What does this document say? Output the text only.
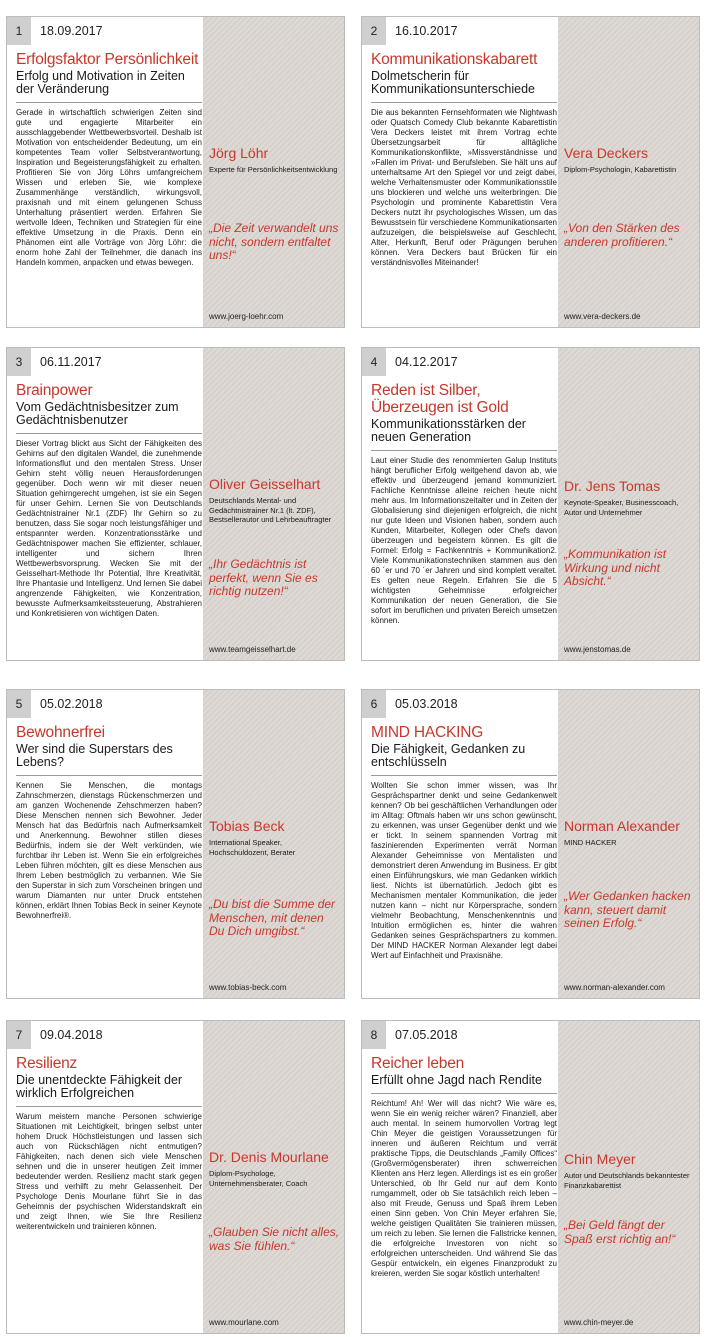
1	18.09.2017
Erfolgsfaktor Persönlichkeit
Erfolg und Motivation in Zeiten der Veränderung

Gerade in wirtschaftlich schwierigen Zeiten sind gute und engagierte Mitarbeiter ein ausschlaggebender Wettbewerbsvorteil. Deshalb ist Motivation von entscheidender Bedeutung, um ein kompetentes Team voller Selbstverantwortung, Inspiration und Begeisterungsfähigkeit zu erhalten. Profitieren Sie von Jörg Löhrs umfangreichem Wissen und erleben Sie, wie komplexe Zusammenhänge verständlich, wirkungsvoll, praxisnah und mit einem gelungenen Schuss Unterhaltung präsentiert werden. Erfahren Sie wertvolle Ideen, Techniken und Strategien für eine effektive Umsetzung in die Praxis. Denn ein Phänomen eint alle Vorträge von Jörg Löhr: die enorm hohe Zahl der Teilnehmer, die danach ins Handeln kommen, anpacken und etwas bewegen.

Jörg Löhr
Experte für Persönlichkeitsentwicklung
„Die Zeit verwandelt uns nicht, sondern entfaltet uns!“
www.joerg-loehr.com
2	16.10.2017
Kommunikationskabarett
Dolmetscherin für Kommunikationsunterschiede

Die aus bekannten Fernsehformaten wie Nightwash oder Quatsch Comedy Club bekannte Kabarettistin Vera Deckers leistet mit ihrem Vortrag echte Übersetzungsarbeit für alltägliche Kommunikationskonflikte, »Missverständnisse und »Fallen im Privat- und Berufsleben. Sie hält uns auf unterhaltsame Art den Spiegel vor und zeigt dabei, welche Verhaltensmuster oder Kommunikationsstile uns blockieren und welche uns weiterbringen. Die Psychologin und prominente Kabarettistin Vera Deckers nutzt ihr psychologisches Wissen, um das Bewusstsein für verschiedene Kommunikationsarten aufzuzeigen, die beispielsweise auf Geschlecht, Alter, Herkunft, Beruf oder Prägungen beruhen können. Vera Deckers baut Brücken für ein verständnisvolles Miteinander!

Vera Deckers
Diplom-Psychologin, Kabarettistin
„Von den Stärken des anderen profitieren.“
www.vera-deckers.de
3	06.11.2017
Brainpower
Vom Gedächtnisbesitzer zum Gedächtnisbenutzer

Dieser Vortrag blickt aus Sicht der Fähigkeiten des Gehirns auf den digitalen Wandel, die zunehmende Informationsflut und den mentalen Stress. Unser Gehirn steht völlig neuen Herausforderungen gegenüber. Doch wenn wir mit dieser neuen Situation gehirngerecht umgehen, ist sie ein Segen für unser Gehirn. Lernen Sie von Deutschlands Gedächtnistrainer Nr.1 (ZDF) Ihr Gehirn so zu benutzen, dass Sie sogar noch leistungsfähiger und entspannter werden. Konzentrationsstärke und Gedächtnispower machen Sie effizienter, schlauer, intelligenter und sichern Ihren Wettbewerbsvorsprung. Wecken Sie mit der Geisselhart-Methode Ihr Potential, Ihre Kreativität, Ihre Phantasie und Intelligenz. Und lernen Sie dabei angrenzende Fähigkeiten, wie Konzentration, bewusste Aufmerksamkeitssteuerung, Abstrahieren und Konkretisieren von wichtigen Daten.

Oliver Geisselhart
Deutschlands Mental- und Gedächtnistrainer Nr.1 (lt. ZDF), Bestsellerautor und Lehrbeauftragter
„Ihr Gedächtnis ist perfekt, wenn Sie es richtig nutzen!“
www.teamgeisselhart.de
4	04.12.2017
Reden ist Silber, Überzeugen ist Gold
Kommunikationsstärken der neuen Generation

Laut einer Studie des renommierten Galup Instituts hängt beruflicher Erfolg weitgehend davon ab, wie effektiv und überzeugend jemand kommuniziert. Fachliche Kenntnisse alleine reichen heute nicht mehr aus. Im Informationszeitalter und in Zeiten der Globalisierung sind diejenigen erfolgreich, die nicht nur gute Ideen und Visionen haben, sondern auch Kunden, Mitarbeiter, Kollegen oder Chefs davon überzeugen und begeistern können. Es gilt die Formel: Erfolg = Fachkenntnis + Kommunikation2. Viele Kommunikationstechniken stammen aus den 60 ´er und 70 ´er Jahren und sind komplett veraltet. Es gelten neue Regeln. Erfahren Sie die 5 wichtigsten Geheimnisse erfolgreicher Kommunikation der neuen Generation, die Sie sofort im beruflichen und privaten Bereich umsetzen können.

Dr. Jens Tomas
Keynote-Speaker, Businesscoach, Autor und Unternehmer
„Kommunikation ist Wirkung und nicht Absicht.“
www.jenstomas.de
5	05.02.2018
Bewohnerfrei
Wer sind die Superstars des Lebens?

Kennen Sie Menschen, die montags Zahnschmerzen, dienstags Rückenschmerzen und am ganzen Wochenende Zehschmerzen haben? Diese Menschen nennen sich Bewohner. Jeder Mensch hat das Bedürfnis nach Aufmerksamkeit und Anerkennung. Bewohner stillen dieses Bedürfnis, indem sie der Welt verkünden, wie furchtbar ihr Leben ist. Wenn Sie ein erfolgreiches Leben führen möchten, gilt es diese Menschen aus Ihrem Leben bestmöglich zu verbannen. Wie Sie den Superstar in sich zum Vorscheinen bringen und warum Diamanten nur unter Druck entstehen können, erklärt Ihnen Tobias Beck in seiner Keynote Bewohnerfrei®.

Tobias Beck
International Speaker, Hochschuldozent, Berater
„Du bist die Summe der Menschen, mit denen Du Dich umgibst.“
www.tobias-beck.com
6	05.03.2018
MIND HACKING
Die Fähigkeit, Gedanken zu entschlüsseln

Wollten Sie schon immer wissen, was Ihr Gesprächspartner denkt und seine Gedankenwelt kennen? Ob bei geschäftlichen Verhandlungen oder im Alltag: Oftmals haben wir uns schon gewünscht, zu erkennen, was unser Gegenüber denkt und wie er tickt. In seinem spannenden Vortrag mit faszinierenden Experimenten verrät Norman Alexander Geheimnisse von Mentalisten und demonstriert deren Anwendung im Business. Er gibt einen Einführungskurs, wie man Gedanken wirklich liest. Nichts ist übernatürlich. Jedoch gibt es Mechanismen mentaler Kommunikation, die jeder nutzen kann – nicht nur Körpersprache, sondern vielmehr Beobachtung, Menschenkenntnis und Intuition ermöglichen es, hinter die wahren Gedanken seines Gesprächspartners zu kommen. Der MIND HACKER Norman Alexander legt dabei Wert auf Einfachheit und Praxisnähe.

Norman Alexander
MIND HACKER
„Wer Gedanken hacken kann, steuert damit seinen Erfolg.“
www.norman-alexander.com
7	09.04.2018
Resilienz
Die unentdeckte Fähigkeit der wirklich Erfolgreichen

Warum meistern manche Personen schwierige Situationen mit Leichtigkeit, bringen selbst unter hohem Druck Höchstleistungen und lassen sich auch von Rückschlägen nicht entmutigen? Fähigkeiten, nach denen sich viele Menschen sehnen und die in unserer heutigen Zeit immer bedeutender werden. Resilienz macht stark gegen Stress und verhilft zu mehr Gelassenheit. Der Psychologe Denis Mourlane führt Sie in das Geheimnis der psychischen Widerstandskraft ein und zeigt Ihnen, wie Sie Ihre Resilienz weiterentwickeln und trainieren können.

Dr. Denis Mourlane
Diplom-Psychologe, Unternehmensberater, Coach
„Glauben Sie nicht alles, was Sie fühlen.“
www.mourlane.com
8	07.05.2018
Reicher leben
Erfüllt ohne Jagd nach Rendite

Reichtum! Ah! Wer will das nicht? Wie wäre es, wenn Sie ein wenig reicher wären? Finanziell, aber auch mental. In seinem humorvollen Vortrag legt Chin Meyer die geistigen Voraussetzungen für inneren und äußeren Reichtum und verrät praktische Tipps, die Deutschlands „Family Offices“ (Großvermögensberater) ihren schwerreichen Klienten ans Herz legen. Allerdings ist es ein großer Unterschied, ob Ihr Geld nur auf dem Konto rumgammelt, oder ob Sie tatsächlich reich leben – also mit Freude, Genuss und Spaß ihrem Leben einen Sinn geben. Von Chin Meyer erfahren Sie, welche geistigen Qualitäten Sie trainieren müssen, um reich zu leben. Sie lernen die Fallstricke kennen, die erfolgreiche Investoren von nicht so erfolgreichen unterscheiden. Und während Sie das Gespür entwickeln, ein eigenes Finanzprodukt zu kreieren, werden Sie sogar köstlich unterhalten!

Chin Meyer
Autor und Deutschlands bekanntester Finanzkabarettist
„Bei Geld fängt der Spaß erst richtig an!“
www.chin-meyer.de
